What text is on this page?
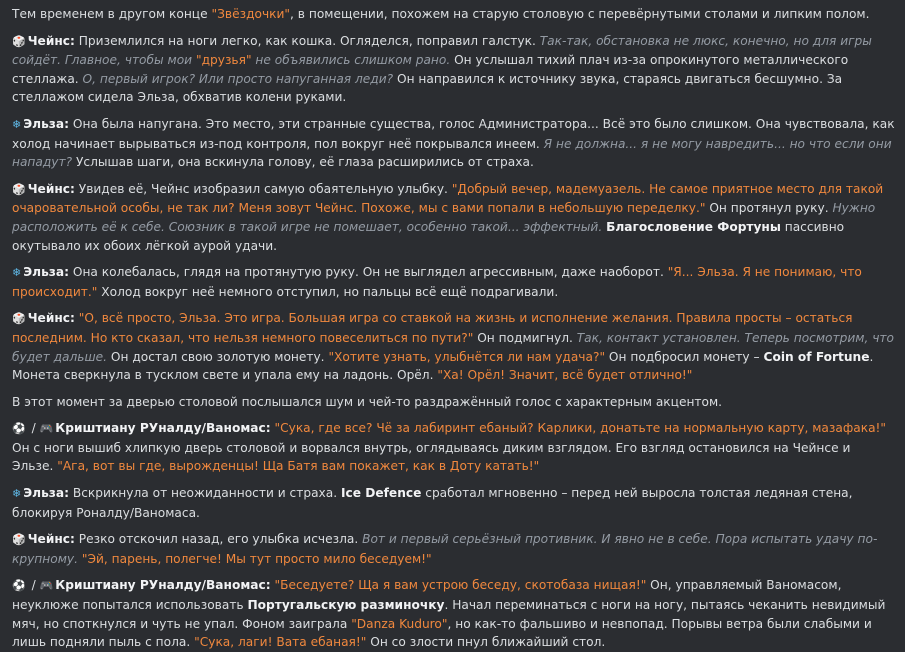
Тем временем в другом конце "Звёздочки", в помещении, похожем на старую столовую с перевёрнутыми столами и липким полом.
🎲 Чейнс: Приземлился на ноги легко, как кошка. Огляделся, поправил галстук. Так-так, обстановка не люкс, конечно, но для игры сойдёт. Главное, чтобы мои "друзья" не объявились слишком рано. Он услышал тихий плач из-за опрокинутого металлического стеллажа. О, первый игрок? Или просто напуганная леди? Он направился к источнику звука, стараясь двигаться бесшумно. За стеллажом сидела Эльза, обхватив колени руками.
❄ Эльза: Она была напугана. Это место, эти странные существа, голос Администратора... Всё это было слишком. Она чувствовала, как холод начинает вырываться из-под контроля, пол вокруг неё покрывался инеем. Я не должна... я не могу навредить... но что если они нападут? Услышав шаги, она вскинула голову, её глаза расширились от страха.
🎲 Чейнс: Увидев её, Чейнс изобразил самую обаятельную улыбку. "Добрый вечер, мадемуазель. Не самое приятное место для такой очаровательной особы, не так ли? Меня зовут Чейнс. Похоже, мы с вами попали в небольшую переделку." Он протянул руку. Нужно расположить её к себе. Союзник в такой игре не помешает, особенно такой... эффектный. Благословение Фортуны пассивно окутывало их обоих лёгкой аурой удачи.
❄ Эльза: Она колебалась, глядя на протянутую руку. Он не выглядел агрессивным, даже наоборот. "Я... Эльза. Я не понимаю, что происходит." Холод вокруг неё немного отступил, но пальцы всё ещё подрагивали.
🎲 Чейнс: "О, всё просто, Эльза. Это игра. Большая игра со ставкой на жизнь и исполнение желания. Правила просты – остаться последним. Но кто сказал, что нельзя немного повеселиться по пути?" Он подмигнул. Так, контакт установлен. Теперь посмотрим, что будет дальше. Он достал свою золотую монету. "Хотите узнать, улыбнётся ли нам удача?" Он подбросил монету – Coin of Fortune. Монета сверкнула в тусклом свете и упала ему на ладонь. Орёл. "Ха! Орёл! Значит, всё будет отлично!"
В этот момент за дверью столовой послышался шум и чей-то раздражённый голос с характерным акцентом.
⚽ / 🎮 Криштиану РУналду/Ваномас: "Сука, где все? Чё за лабиринт ебаный? Карлики, донатьте на нормальную карту, мазафака!" Он с ноги вышиб хлипкую дверь столовой и ворвался внутрь, оглядываясь диким взглядом. Его взгляд остановился на Чейнсе и Эльзе. "Ага, вот вы где, вырожденцы! Ща Батя вам покажет, как в Доту катать!"
❄ Эльза: Вскрикнула от неожиданности и страха. Ice Defence сработал мгновенно – перед ней выросла толстая ледяная стена, блокируя Роналду/Ваномаса.
🎲 Чейнс: Резко отскочил назад, его улыбка исчезла. Вот и первый серьёзный противник. И явно не в себе. Пора испытать удачу по-крупному. "Эй, парень, полегче! Мы тут просто мило беседуем!"
⚽ / 🎮 Криштиану РУналду/Ваномас: "Беседуете? Ща я вам устрою беседу, скотобаза нищая!" Он, управляемый Ваномасом, неуклюже попытался использовать Португальскую разминочку. Начал переминаться с ноги на ногу, пытаясь чеканить невидимый мяч, но споткнулся и чуть не упал. Фоном заиграла "Danza Kuduro", но как-то фальшиво и невпопад. Порывы ветра были слабыми и лишь подняли пыль с пола. "Сука, лаги! Вата ебаная!" Он со злости пнул ближайший стол.
